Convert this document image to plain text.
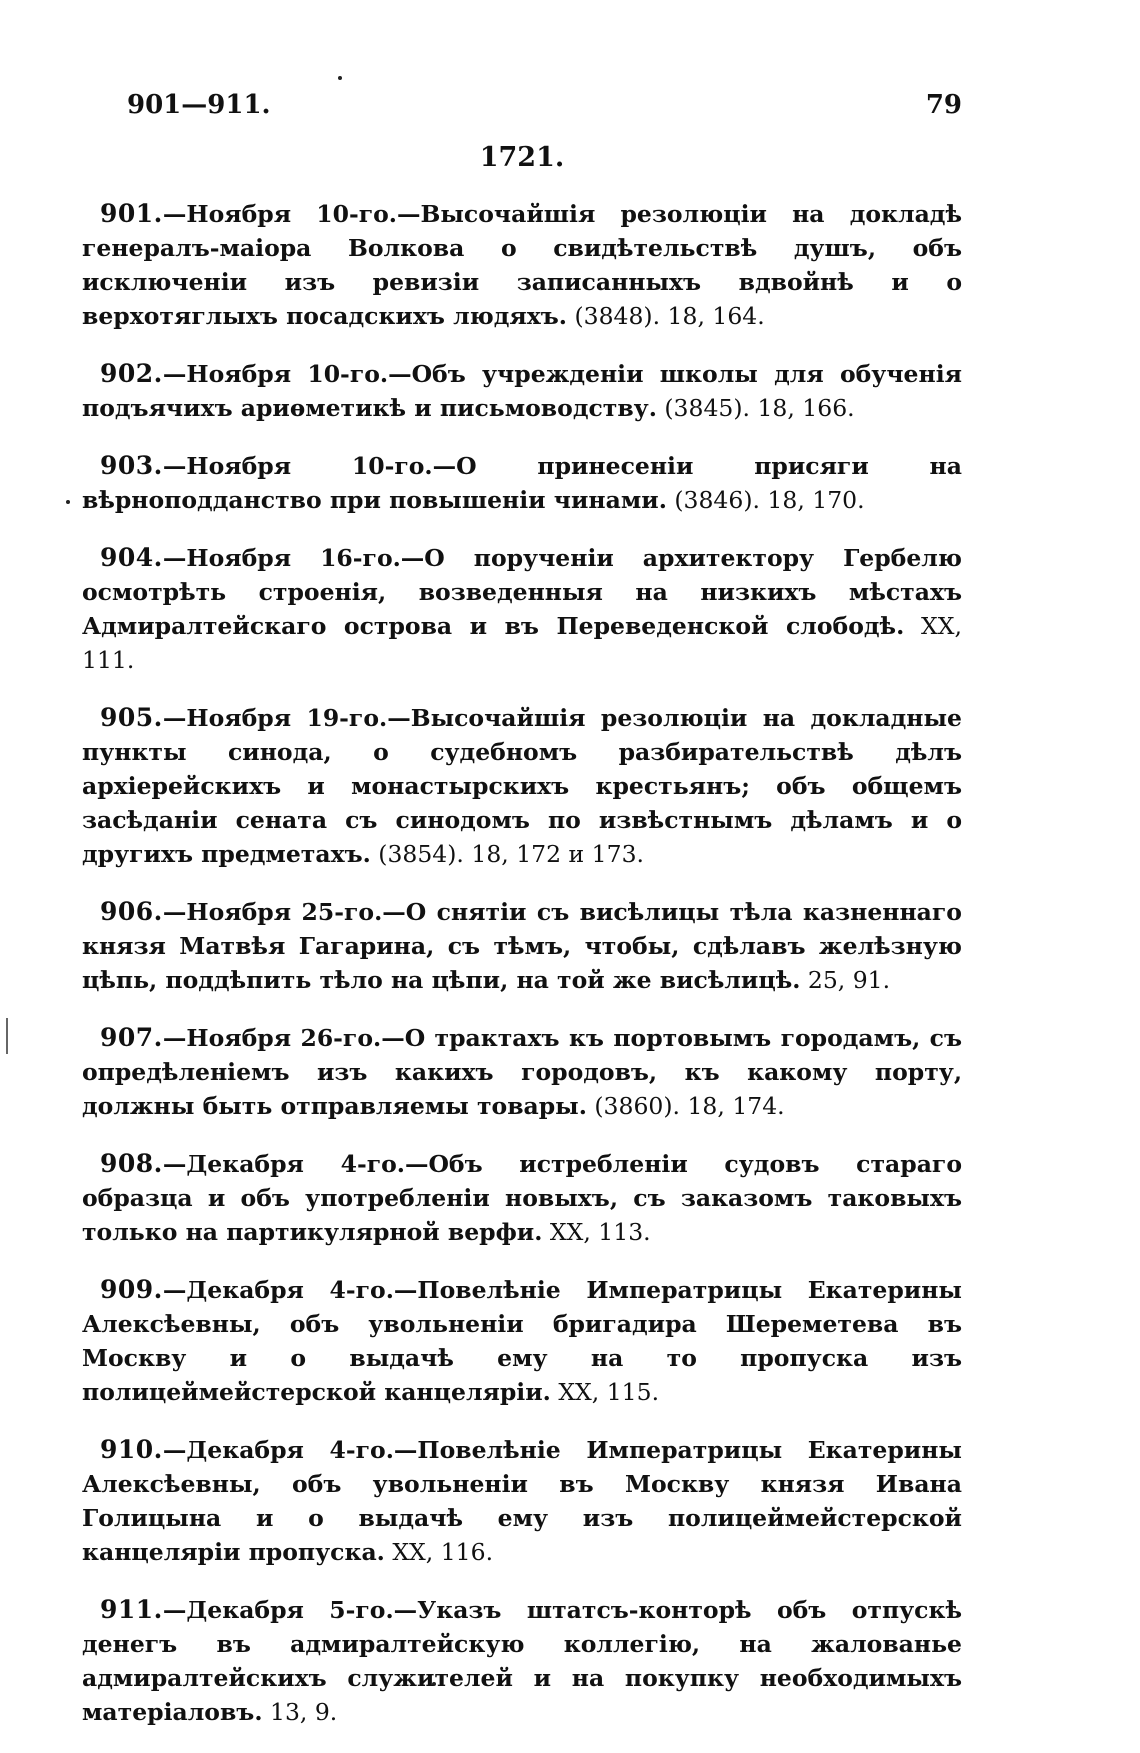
901—911.	79
1721.

901.—Ноября 10-го.—Высочайшія резолюціи на докладѣ генералъ-маіора Волкова о свидѣтельствѣ душъ, объ исключеніи изъ ревизіи записанныхъ вдвойнѣ и о верхотяглыхъ посадскихъ людяхъ. (3848). 18, 164.

902.—Ноября 10-го.—Объ учрежденіи школы для обученія подъячихъ ариѳметикѣ и письмоводству. (3845). 18, 166.

903.—Ноября 10-го.—О принесеніи присяги на вѣрноподданство при повышеніи чинами. (3846). 18, 170.

904.—Ноября 16-го.—О порученіи архитектору Гербелю осмотрѣть строенія, возведенныя на низкихъ мѣстахъ Адмиралтейскаго острова и въ Переведенской слободѣ. XX, 111.

905.—Ноября 19-го.—Высочайшія резолюціи на докладные пункты синода, о судебномъ разбирательствѣ дѣлъ архіерейскихъ и монастырскихъ крестьянъ; объ общемъ засѣданіи сената съ синодомъ по извѣстнымъ дѣламъ и о другихъ предметахъ. (3854). 18, 172 и 173.

906.—Ноября 25-го.—О снятіи съ висѣлицы тѣла казненнаго князя Матвѣя Гагарина, съ тѣмъ, чтобы, сдѣлавъ желѣзную цѣпь, поддѣпить тѣло на цѣпи, на той же висѣлицѣ. 25, 91.

907.—Ноября 26-го.—О трактахъ къ портовымъ городамъ, съ опредѣленіемъ изъ какихъ городовъ, къ какому порту, должны быть отправляемы товары. (3860). 18, 174.

908.—Декабря 4-го.—Объ истребленіи судовъ стараго образца и объ употребленіи новыхъ, съ заказомъ таковыхъ только на партикулярной верфи. XX, 113.

909.—Декабря 4-го.—Повелѣніе Императрицы Екатерины Алексѣевны, объ увольненіи бригадира Шереметева въ Москву и о выдачѣ ему на то пропуска изъ полицеймейстерской канцеляріи. XX, 115.

910.—Декабря 4-го.—Повелѣніе Императрицы Екатерины Алексѣевны, объ увольненіи въ Москву князя Ивана Голицына и о выдачѣ ему изъ полицеймейстерской канцеляріи пропуска. XX, 116.

911.—Декабря 5-го.—Указъ штатсъ-конторѣ объ отпускѣ денегъ въ адмиралтейскую коллегію, на жалованье адмиралтейскихъ служителей и на покупку необходимыхъ матеріаловъ. 13, 9.
